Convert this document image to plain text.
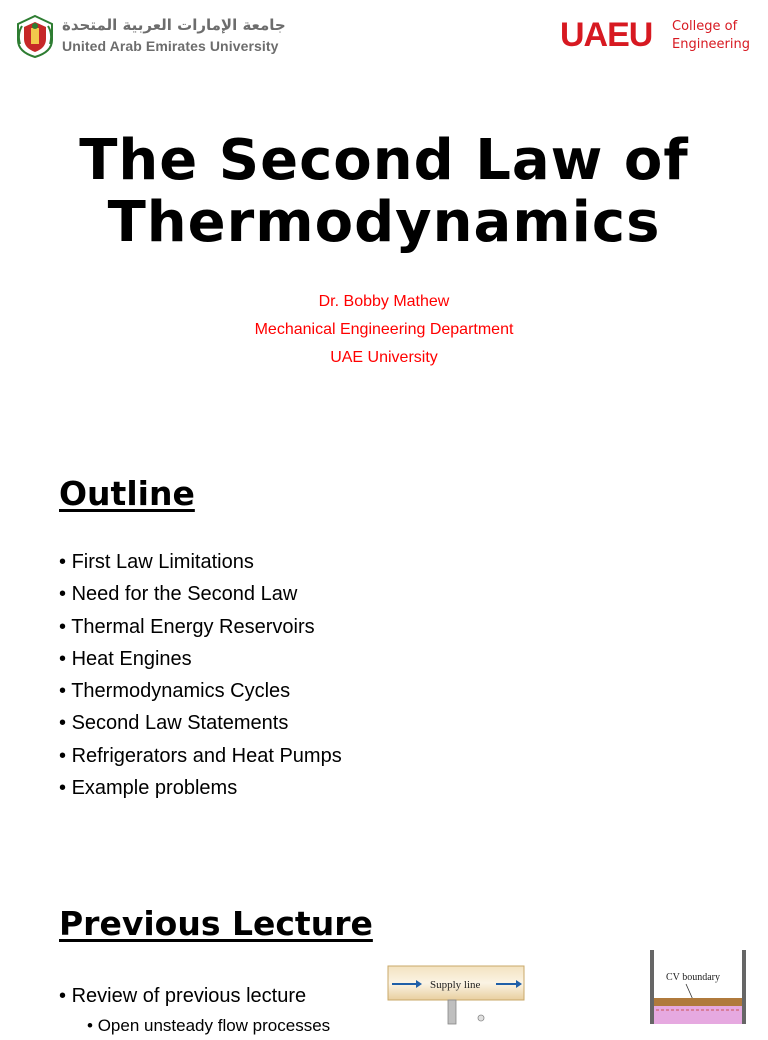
جامعة الإمارات العربية المتحدة
United Arab Emirates University	UAEU College of
Engineering
The Second Law of
Thermodynamics
Dr. Bobby Mathew
Mechanical Engineering Department
UAE University
Outline
• First Law Limitations
• Need for the Second Law
• Thermal Energy Reservoirs
• Heat Engines
• Thermodynamics Cycles
• Second Law Statements
• Refrigerators and Heat Pumps
• Example problems
Previous Lecture
• Review of previous lecture
• Open unsteady flow processes
Supply line
CV boundary
